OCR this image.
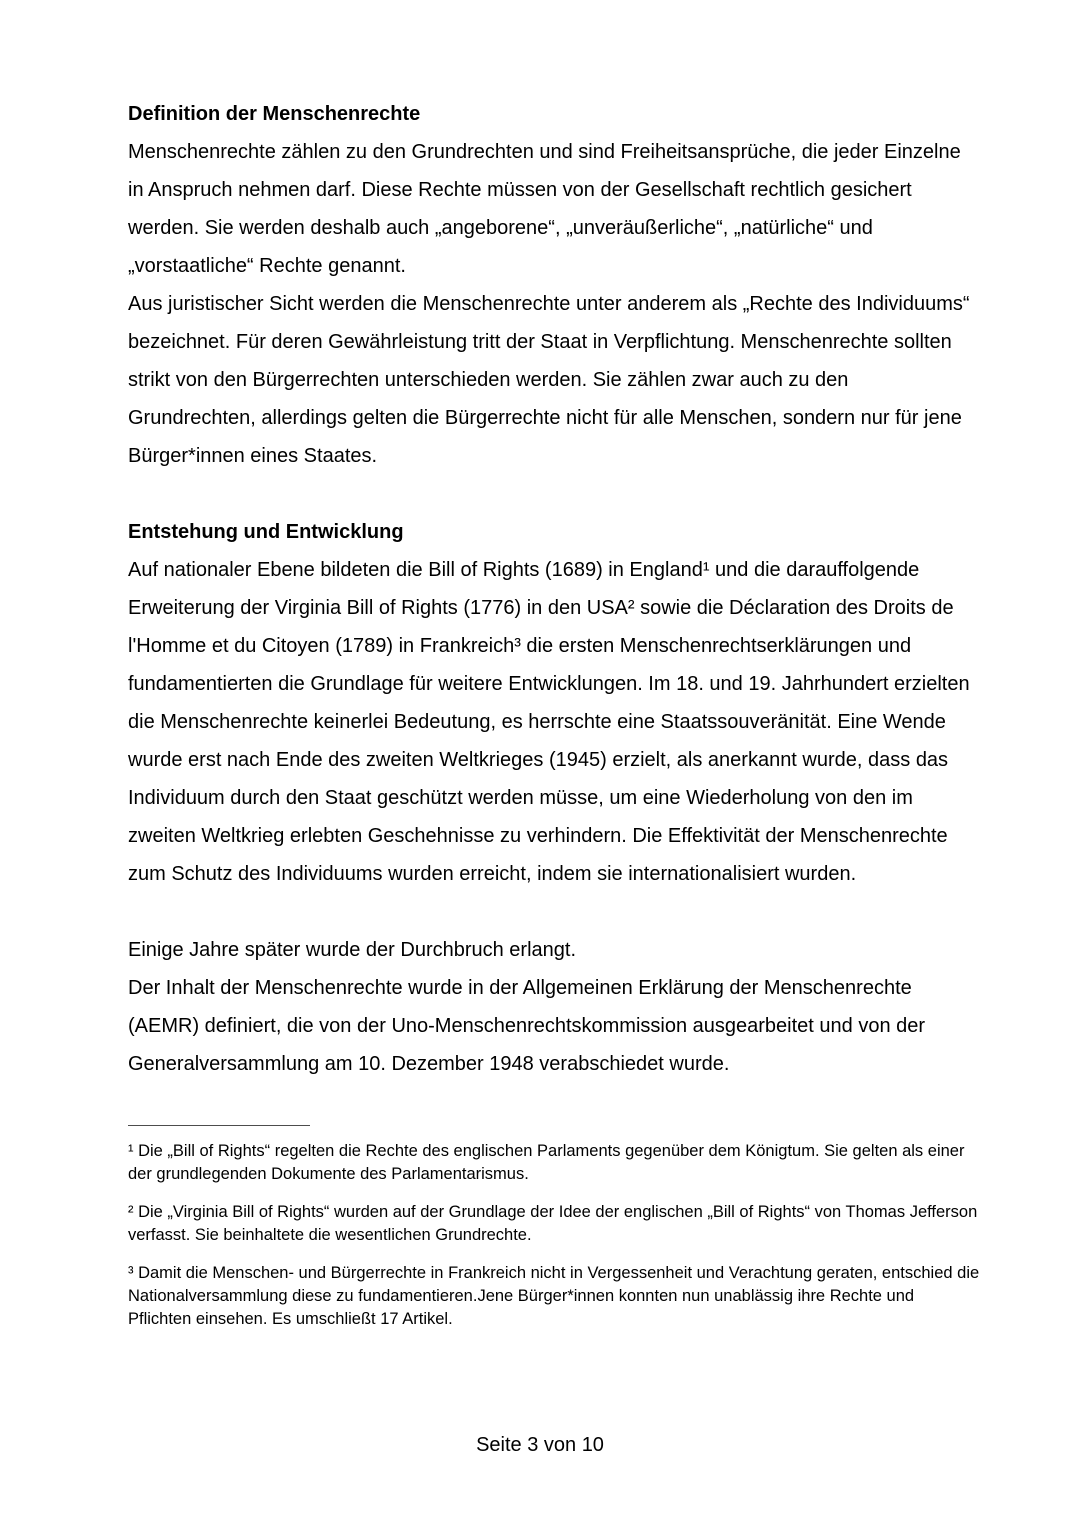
Definition der Menschenrechte

Menschenrechte zählen zu den Grundrechten und sind Freiheitsansprüche, die jeder Einzelne in Anspruch nehmen darf. Diese Rechte müssen von der Gesellschaft rechtlich gesichert werden. Sie werden deshalb auch „angeborene“, „unveräußerliche“, „natürliche“ und „vorstaatliche“ Rechte genannt.

Aus juristischer Sicht werden die Menschenrechte unter anderem als „Rechte des Individuums“ bezeichnet. Für deren Gewährleistung tritt der Staat in Verpflichtung. Menschenrechte sollten strikt von den Bürgerrechten unterschieden werden. Sie zählen zwar auch zu den Grundrechten, allerdings gelten die Bürgerrechte nicht für alle Menschen, sondern nur für jene Bürger*innen eines Staates.

Entstehung und Entwicklung

Auf nationaler Ebene bildeten die Bill of Rights (1689) in England¹ und die darauffolgende Erweiterung der Virginia Bill of Rights (1776) in den USA² sowie die Déclaration des Droits de l'Homme et du Citoyen (1789) in Frankreich³ die ersten Menschenrechtserklärungen und fundamentierten die Grundlage für weitere Entwicklungen. Im 18. und 19. Jahrhundert erzielten die Menschenrechte keinerlei Bedeutung, es herrschte eine Staatssouveränität. Eine Wende wurde erst nach Ende des zweiten Weltkrieges (1945) erzielt, als anerkannt wurde, dass das Individuum durch den Staat geschützt werden müsse, um eine Wiederholung von den im zweiten Weltkrieg erlebten Geschehnisse zu verhindern. Die Effektivität der Menschenrechte zum Schutz des Individuums wurden erreicht, indem sie internationalisiert wurden.

Einige Jahre später wurde der Durchbruch erlangt.

Der Inhalt der Menschenrechte wurde in der Allgemeinen Erklärung der Menschenrechte (AEMR) definiert, die von der Uno-Menschenrechtskommission ausgearbeitet und von der Generalversammlung am 10. Dezember 1948 verabschiedet wurde.

¹ Die „Bill of Rights“ regelten die Rechte des englischen Parlaments gegenüber dem Königtum. Sie gelten als einer der grundlegenden Dokumente des Parlamentarismus.

² Die „Virginia Bill of Rights“ wurden auf der Grundlage der Idee der englischen „Bill of Rights“ von Thomas Jefferson verfasst. Sie beinhaltete die wesentlichen Grundrechte.

³ Damit die Menschen- und Bürgerrechte in Frankreich nicht in Vergessenheit und Verachtung geraten, entschied die Nationalversammlung diese zu fundamentieren.Jene Bürger*innen konnten nun unablässig ihre Rechte und Pflichten einsehen. Es umschließt 17 Artikel.

Seite 3 von 10
